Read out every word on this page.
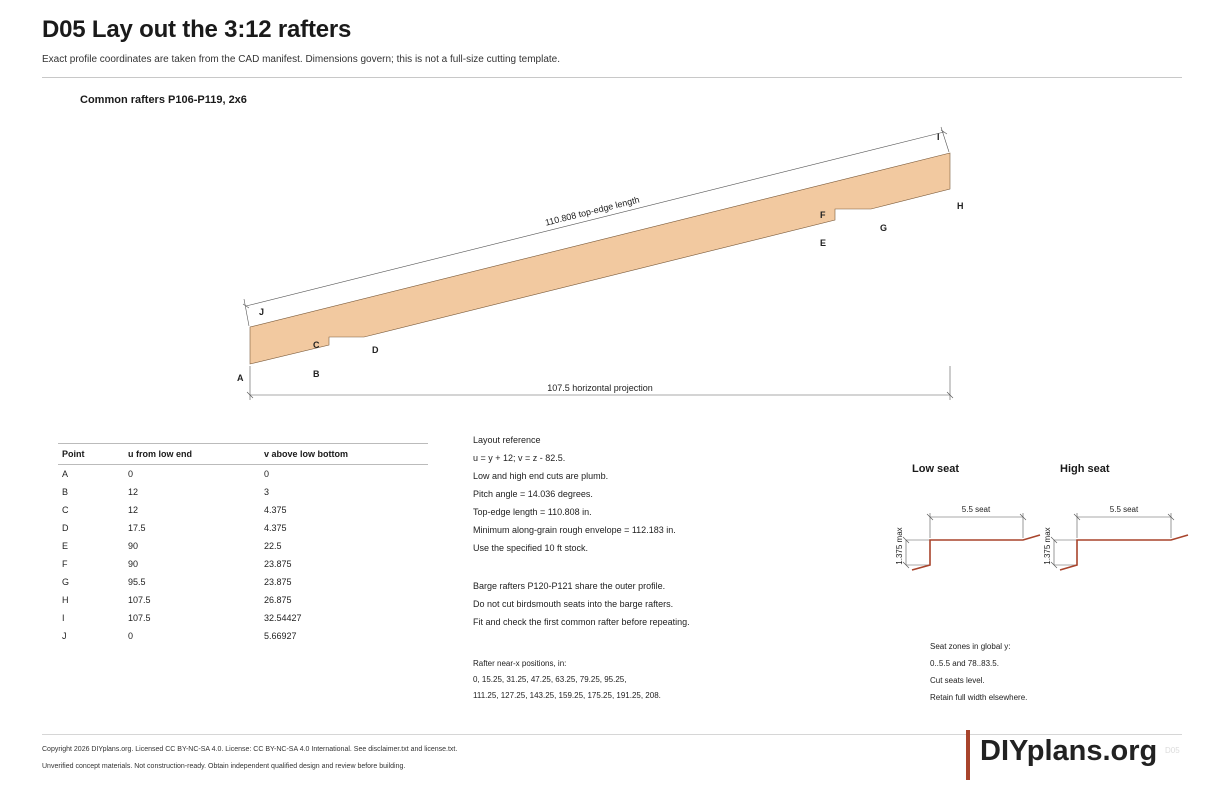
D05 Lay out the 3:12 rafters
Exact profile coordinates are taken from the CAD manifest. Dimensions govern; this is not a full-size cutting template.
Common rafters P106-P119, 2x6
110.808 top-edge length
107.5 horizontal projection
A	B
C	D
E
F
G
H
I
J
5.5 seat
1.375 max
5.5 seat
1.375 max
Point	u from low end	v above low bottom
A	0	0
B	12	3
C	12	4.375
D	17.5	4.375
E	90	22.5
F	90	23.875
G	95.5	23.875
H	107.5	26.875
I	107.5	32.54427
J	0	5.66927
Layout reference
u = y + 12; v = z - 82.5.
Low and high end cuts are plumb.
Pitch angle = 14.036 degrees.
Top-edge length = 110.808 in.
Minimum along-grain rough envelope = 112.183 in.
Use the specified 10 ft stock.
Barge rafters P120-P121 share the outer profile.
Do not cut birdsmouth seats into the barge rafters.
Fit and check the first common rafter before repeating.
Rafter near-x positions, in:
0, 15.25, 31.25, 47.25, 63.25, 79.25, 95.25,
111.25, 127.25, 143.25, 159.25, 175.25, 191.25, 208.
Low seat	High seat
Seat zones in global y:
0..5.5 and 78..83.5.
Cut seats level.
Retain full width elsewhere.
Copyright 2026 DIYplans.org. Licensed CC BY-NC-SA 4.0. License: CC BY-NC-SA 4.0 International. See disclaimer.txt and license.txt.
Unverified concept materials. Not construction-ready. Obtain independent qualified design and review before building.	DIYplans.org D05
